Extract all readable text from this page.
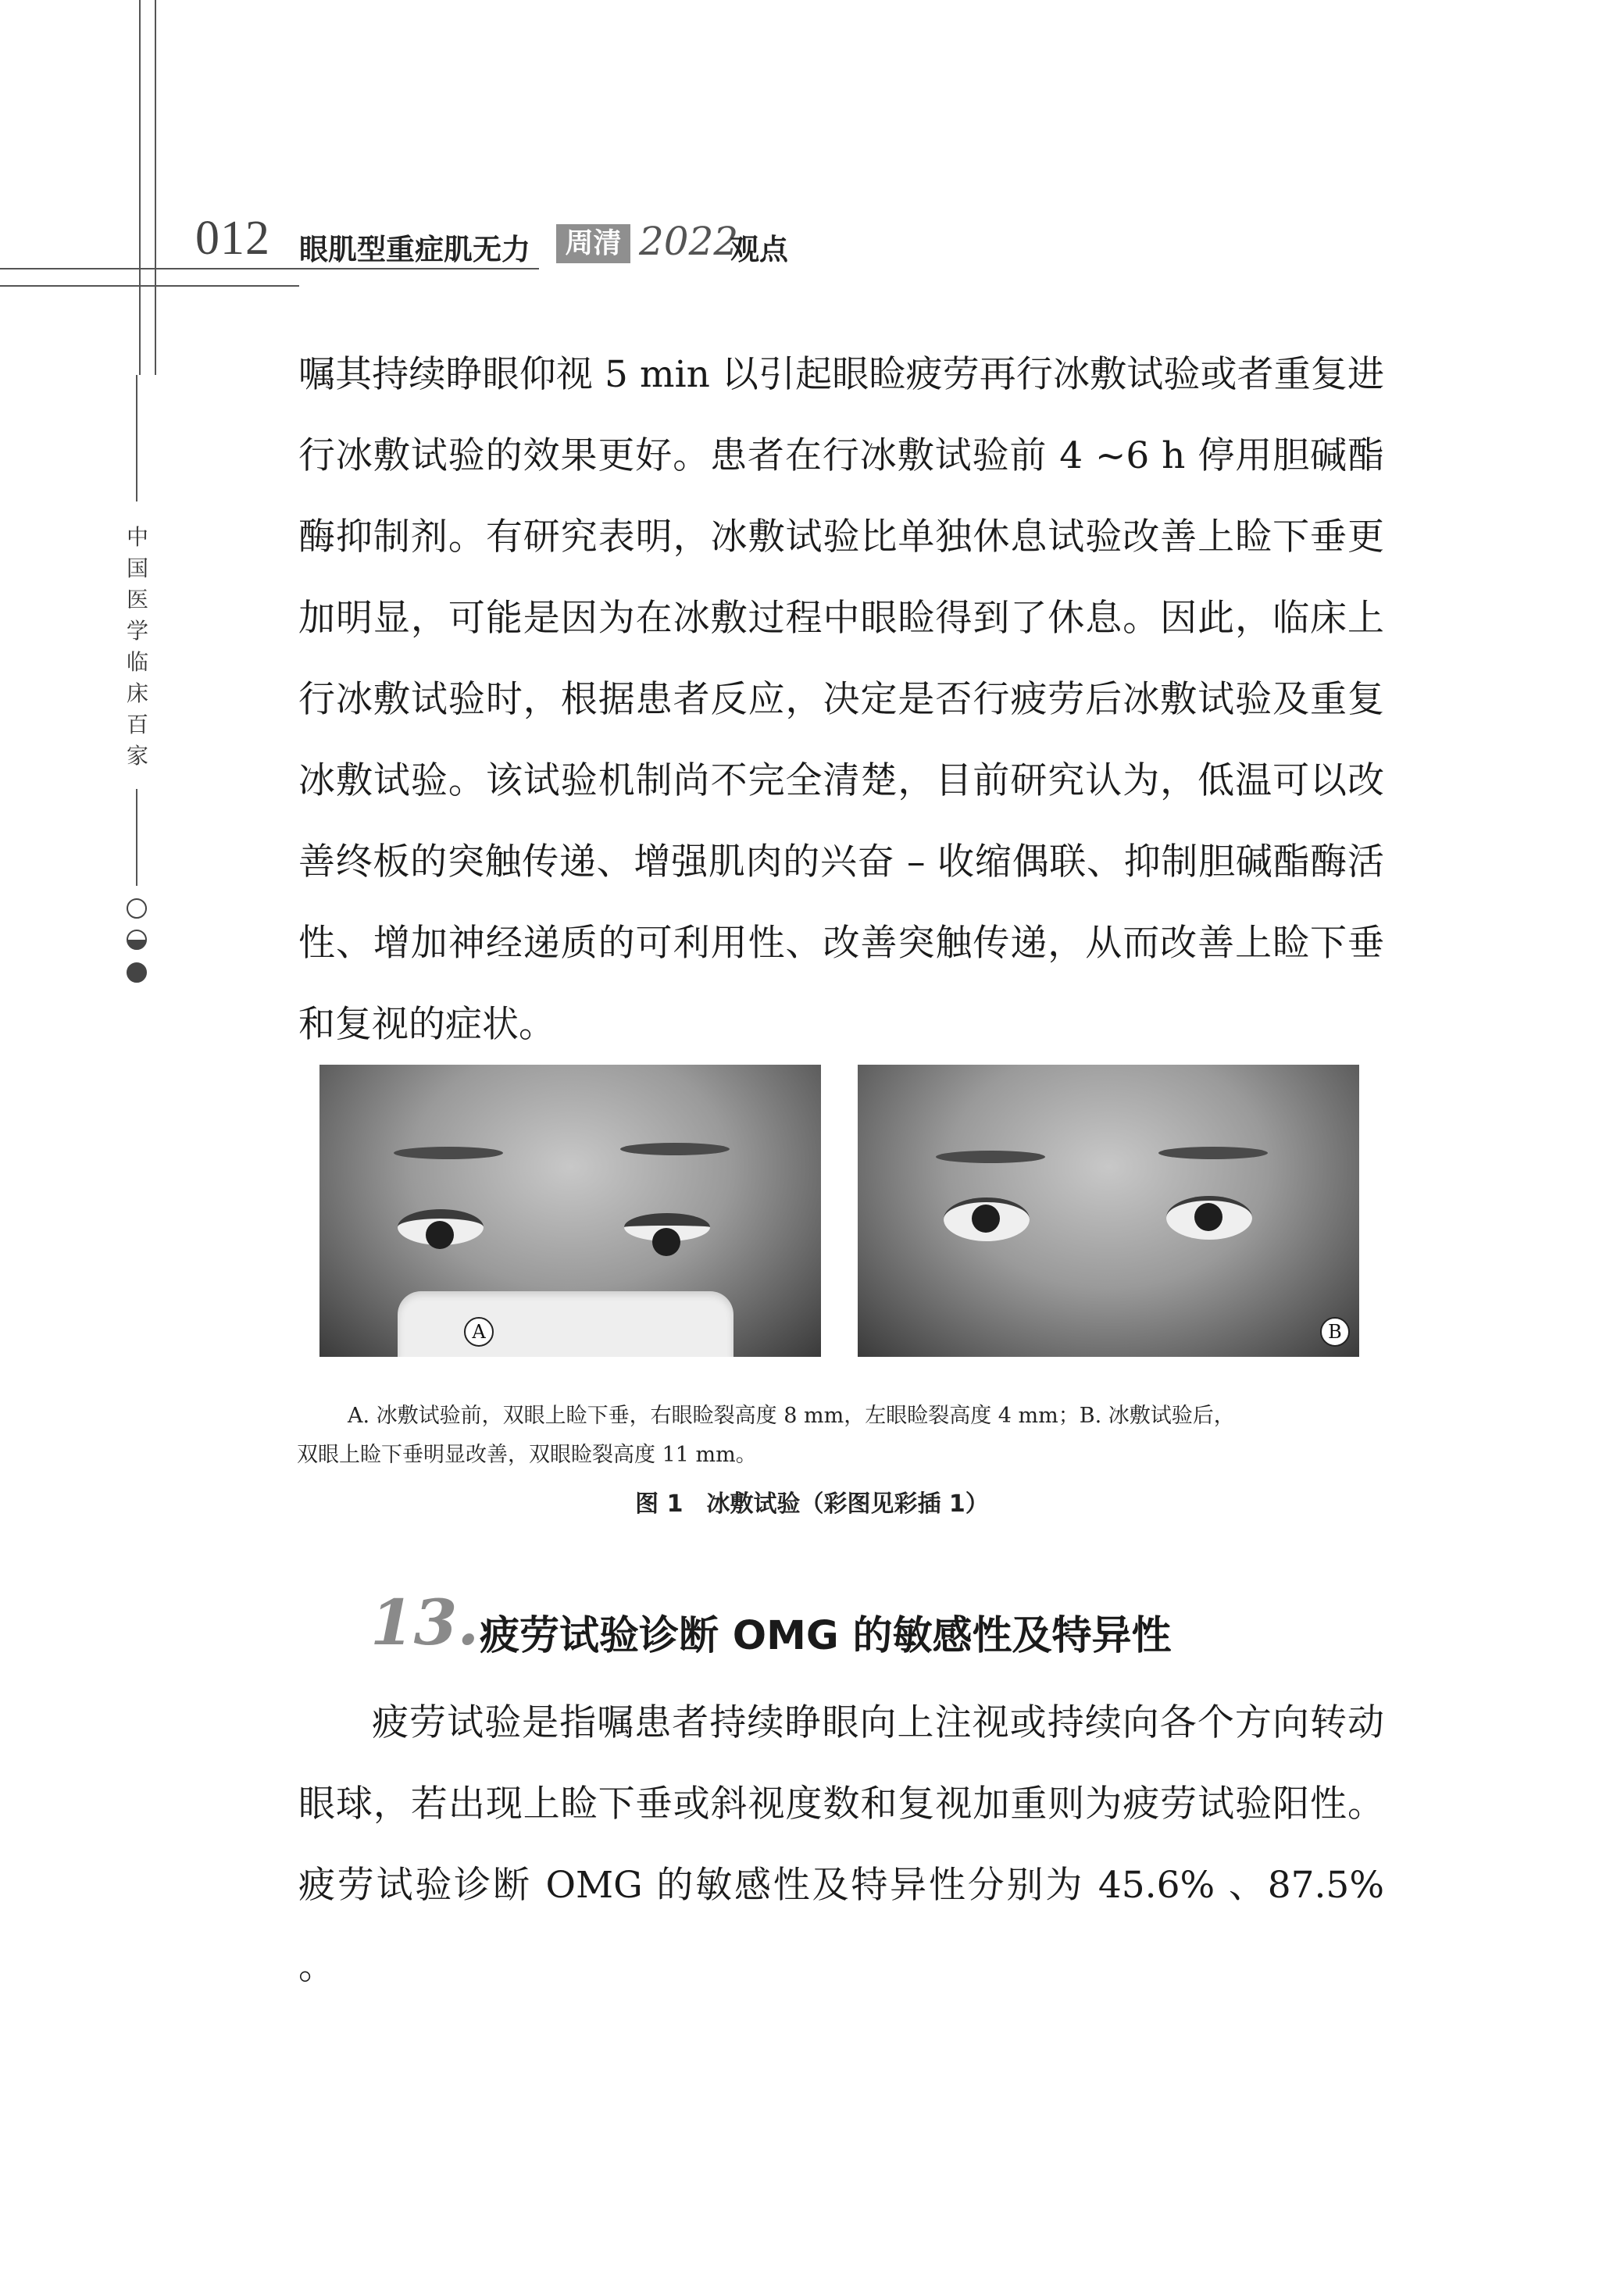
012 眼肌型重症肌无力	周清 2022
观点
中
国
医
学
临
床
百
家
嘱其持续睁眼仰视 5 min 以引起眼睑疲劳再行冰敷试验或者重复进行冰敷试验的效果更好。患者在行冰敷试验前 4 ~6 h 停用胆碱酯酶抑制剂。有研究表明，冰敷试验比单独休息试验改善上睑下垂更加明显，可能是因为在冰敷过程中眼睑得到了休息。因此，临床上行冰敷试验时，根据患者反应，决定是否行疲劳后冰敷试验及重复冰敷试验。该试验机制尚不完全清楚，目前研究认为，低温可以改善终板的突触传递、增强肌肉的兴奋 – 收缩偶联、抑制胆碱酯酶活性、增加神经递质的可利用性、改善突触传递，从而改善上睑下垂和复视的症状。
A	B
A. 冰敷试验前，双眼上睑下垂，右眼睑裂高度 8 mm，左眼睑裂高度 4 mm；B. 冰敷试验后，
双眼上睑下垂明显改善，双眼睑裂高度 11 mm。
图 1　冰敷试验（彩图见彩插 1）
13. 疲劳试验诊断 OMG 的敏感性及特异性
疲劳试验是指嘱患者持续睁眼向上注视或持续向各个方向转动眼球，若出现上睑下垂或斜视度数和复视加重则为疲劳试验阳性。疲劳试验诊断 OMG 的敏感性及特异性分别为 45.6% 、87.5% 。
